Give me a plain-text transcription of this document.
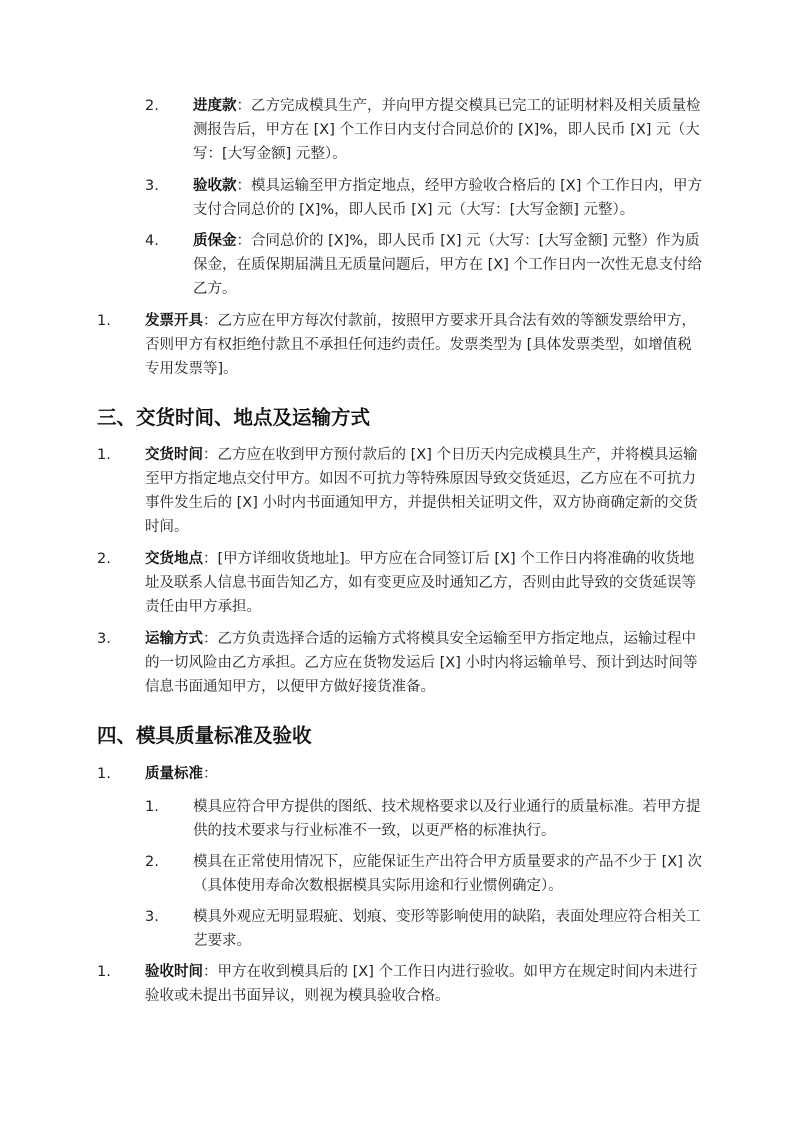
2. 进度款：乙方完成模具生产，并向甲方提交模具已完工的证明材料及相关质量检测报告后，甲方在 [X] 个工作日内支付合同总价的 [X]%，即人民币 [X] 元（大写：[大写金额] 元整）。
3. 验收款：模具运输至甲方指定地点，经甲方验收合格后的 [X] 个工作日内，甲方支付合同总价的 [X]%，即人民币 [X] 元（大写：[大写金额] 元整）。
4. 质保金：合同总价的 [X]%，即人民币 [X] 元（大写：[大写金额] 元整）作为质保金，在质保期届满且无质量问题后，甲方在 [X] 个工作日内一次性无息支付给乙方。
1. 发票开具：乙方应在甲方每次付款前，按照甲方要求开具合法有效的等额发票给甲方，否则甲方有权拒绝付款且不承担任何违约责任。发票类型为 [具体发票类型，如增值税专用发票等]。
三、交货时间、地点及运输方式
1. 交货时间：乙方应在收到甲方预付款后的 [X] 个日历天内完成模具生产，并将模具运输至甲方指定地点交付甲方。如因不可抗力等特殊原因导致交货延迟，乙方应在不可抗力事件发生后的 [X] 小时内书面通知甲方，并提供相关证明文件，双方协商确定新的交货时间。
2. 交货地点：[甲方详细收货地址]。甲方应在合同签订后 [X] 个工作日内将准确的收货地址及联系人信息书面告知乙方，如有变更应及时通知乙方，否则由此导致的交货延误等责任由甲方承担。
3. 运输方式：乙方负责选择合适的运输方式将模具安全运输至甲方指定地点，运输过程中的一切风险由乙方承担。乙方应在货物发运后 [X] 小时内将运输单号、预计到达时间等信息书面通知甲方，以便甲方做好接货准备。
四、模具质量标准及验收
1. 质量标准：
1. 模具应符合甲方提供的图纸、技术规格要求以及行业通行的质量标准。若甲方提供的技术要求与行业标准不一致，以更严格的标准执行。
2. 模具在正常使用情况下，应能保证生产出符合甲方质量要求的产品不少于 [X] 次（具体使用寿命次数根据模具实际用途和行业惯例确定）。
3. 模具外观应无明显瑕疵、划痕、变形等影响使用的缺陷，表面处理应符合相关工艺要求。
1. 验收时间：甲方在收到模具后的 [X] 个工作日内进行验收。如甲方在规定时间内未进行验收或未提出书面异议，则视为模具验收合格。
